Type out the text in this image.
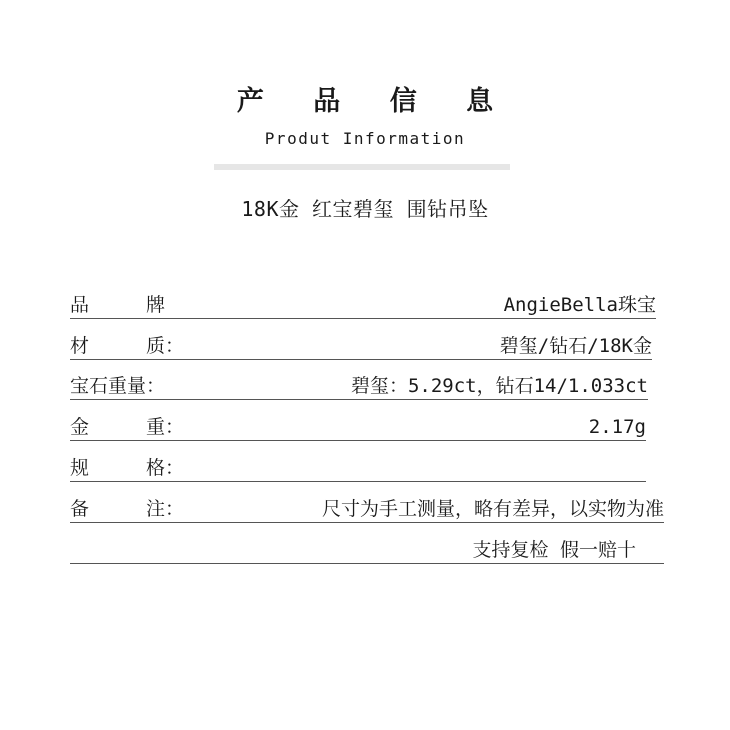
产 品 信 息
Produt Information
18K金 红宝碧玺 围钻吊坠
品	牌	AngieBella珠宝
材	质：	碧玺/钻石/18K金
宝石重量：	碧玺：5.29ct，钻石14/1.033ct
金	重：	2.17g
规	格：
备	注：	尺寸为手工测量，略有差异，以实物为准
支持复检 假一赔十
